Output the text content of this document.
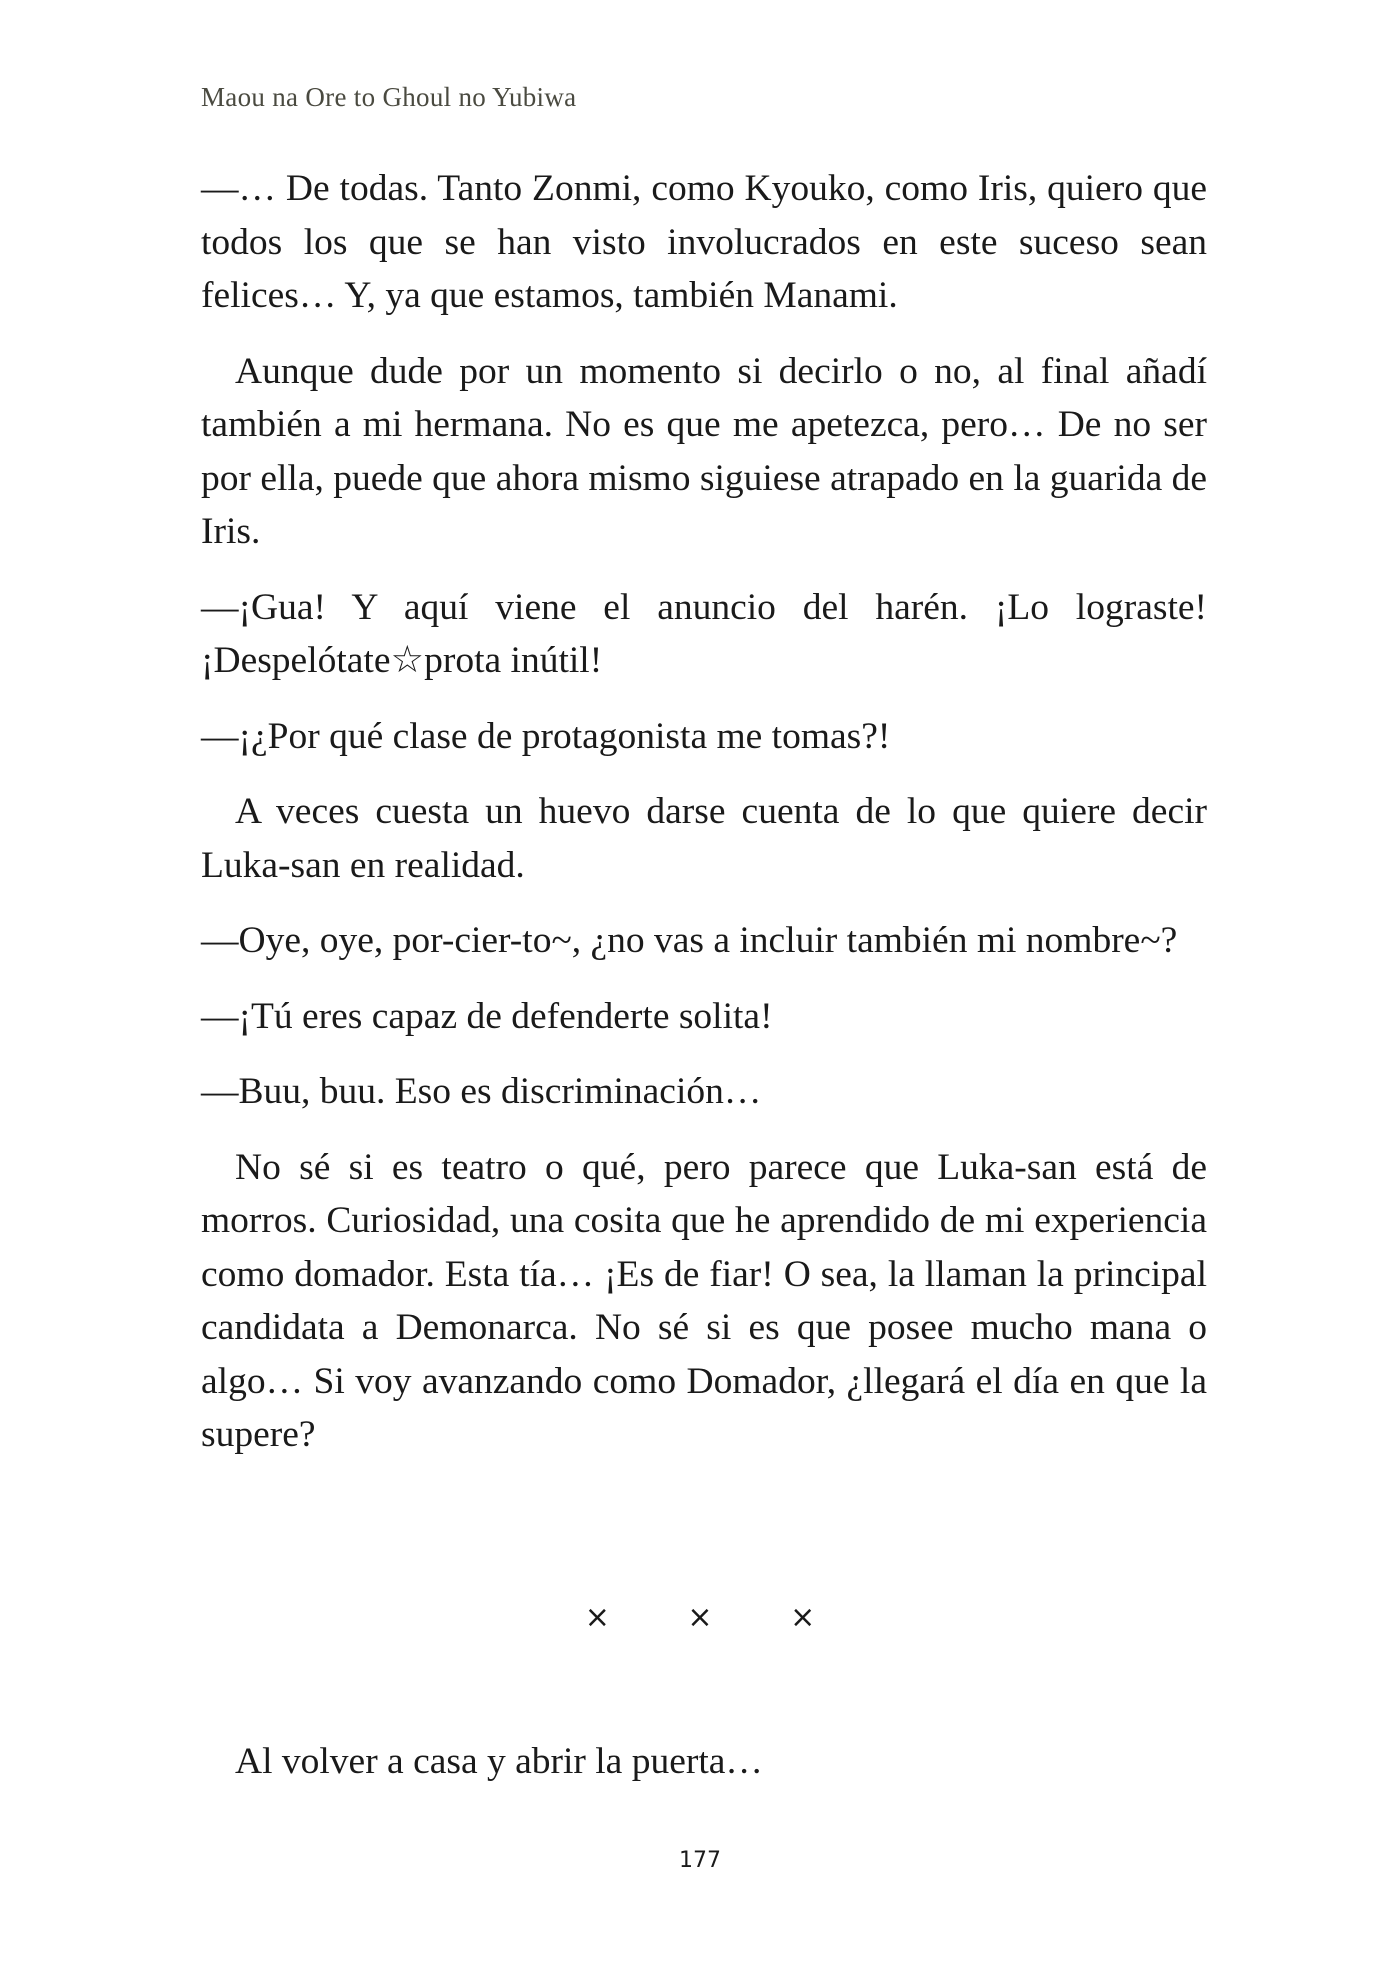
Maou na Ore to Ghoul no Yubiwa

—… De todas. Tanto Zonmi, como Kyouko, como Iris, quiero que todos los que se han visto involucrados en este suceso sean felices… Y, ya que estamos, también Manami.

Aunque dude por un momento si decirlo o no, al final añadí también a mi hermana. No es que me apetezca, pero… De no ser por ella, puede que ahora mismo siguiese atrapado en la guarida de Iris.

—¡Gua! Y aquí viene el anuncio del harén. ¡Lo lograste! ¡Despelótate☆prota inútil!

—¡¿Por qué clase de protagonista me tomas?!

A veces cuesta un huevo darse cuenta de lo que quiere decir Luka-san en realidad.

—Oye, oye, por-cier-to~, ¿no vas a incluir también mi nombre~?

—¡Tú eres capaz de defenderte solita!

—Buu, buu. Eso es discriminación…

No sé si es teatro o qué, pero parece que Luka-san está de morros. Curiosidad, una cosita que he aprendido de mi experiencia como domador. Esta tía… ¡Es de fiar! O sea, la llaman la principal candidata a Demonarca. No sé si es que posee mucho mana o algo… Si voy avanzando como Domador, ¿llegará el día en que la supere?

×	×	×
Al volver a casa y abrir la puerta…
177
